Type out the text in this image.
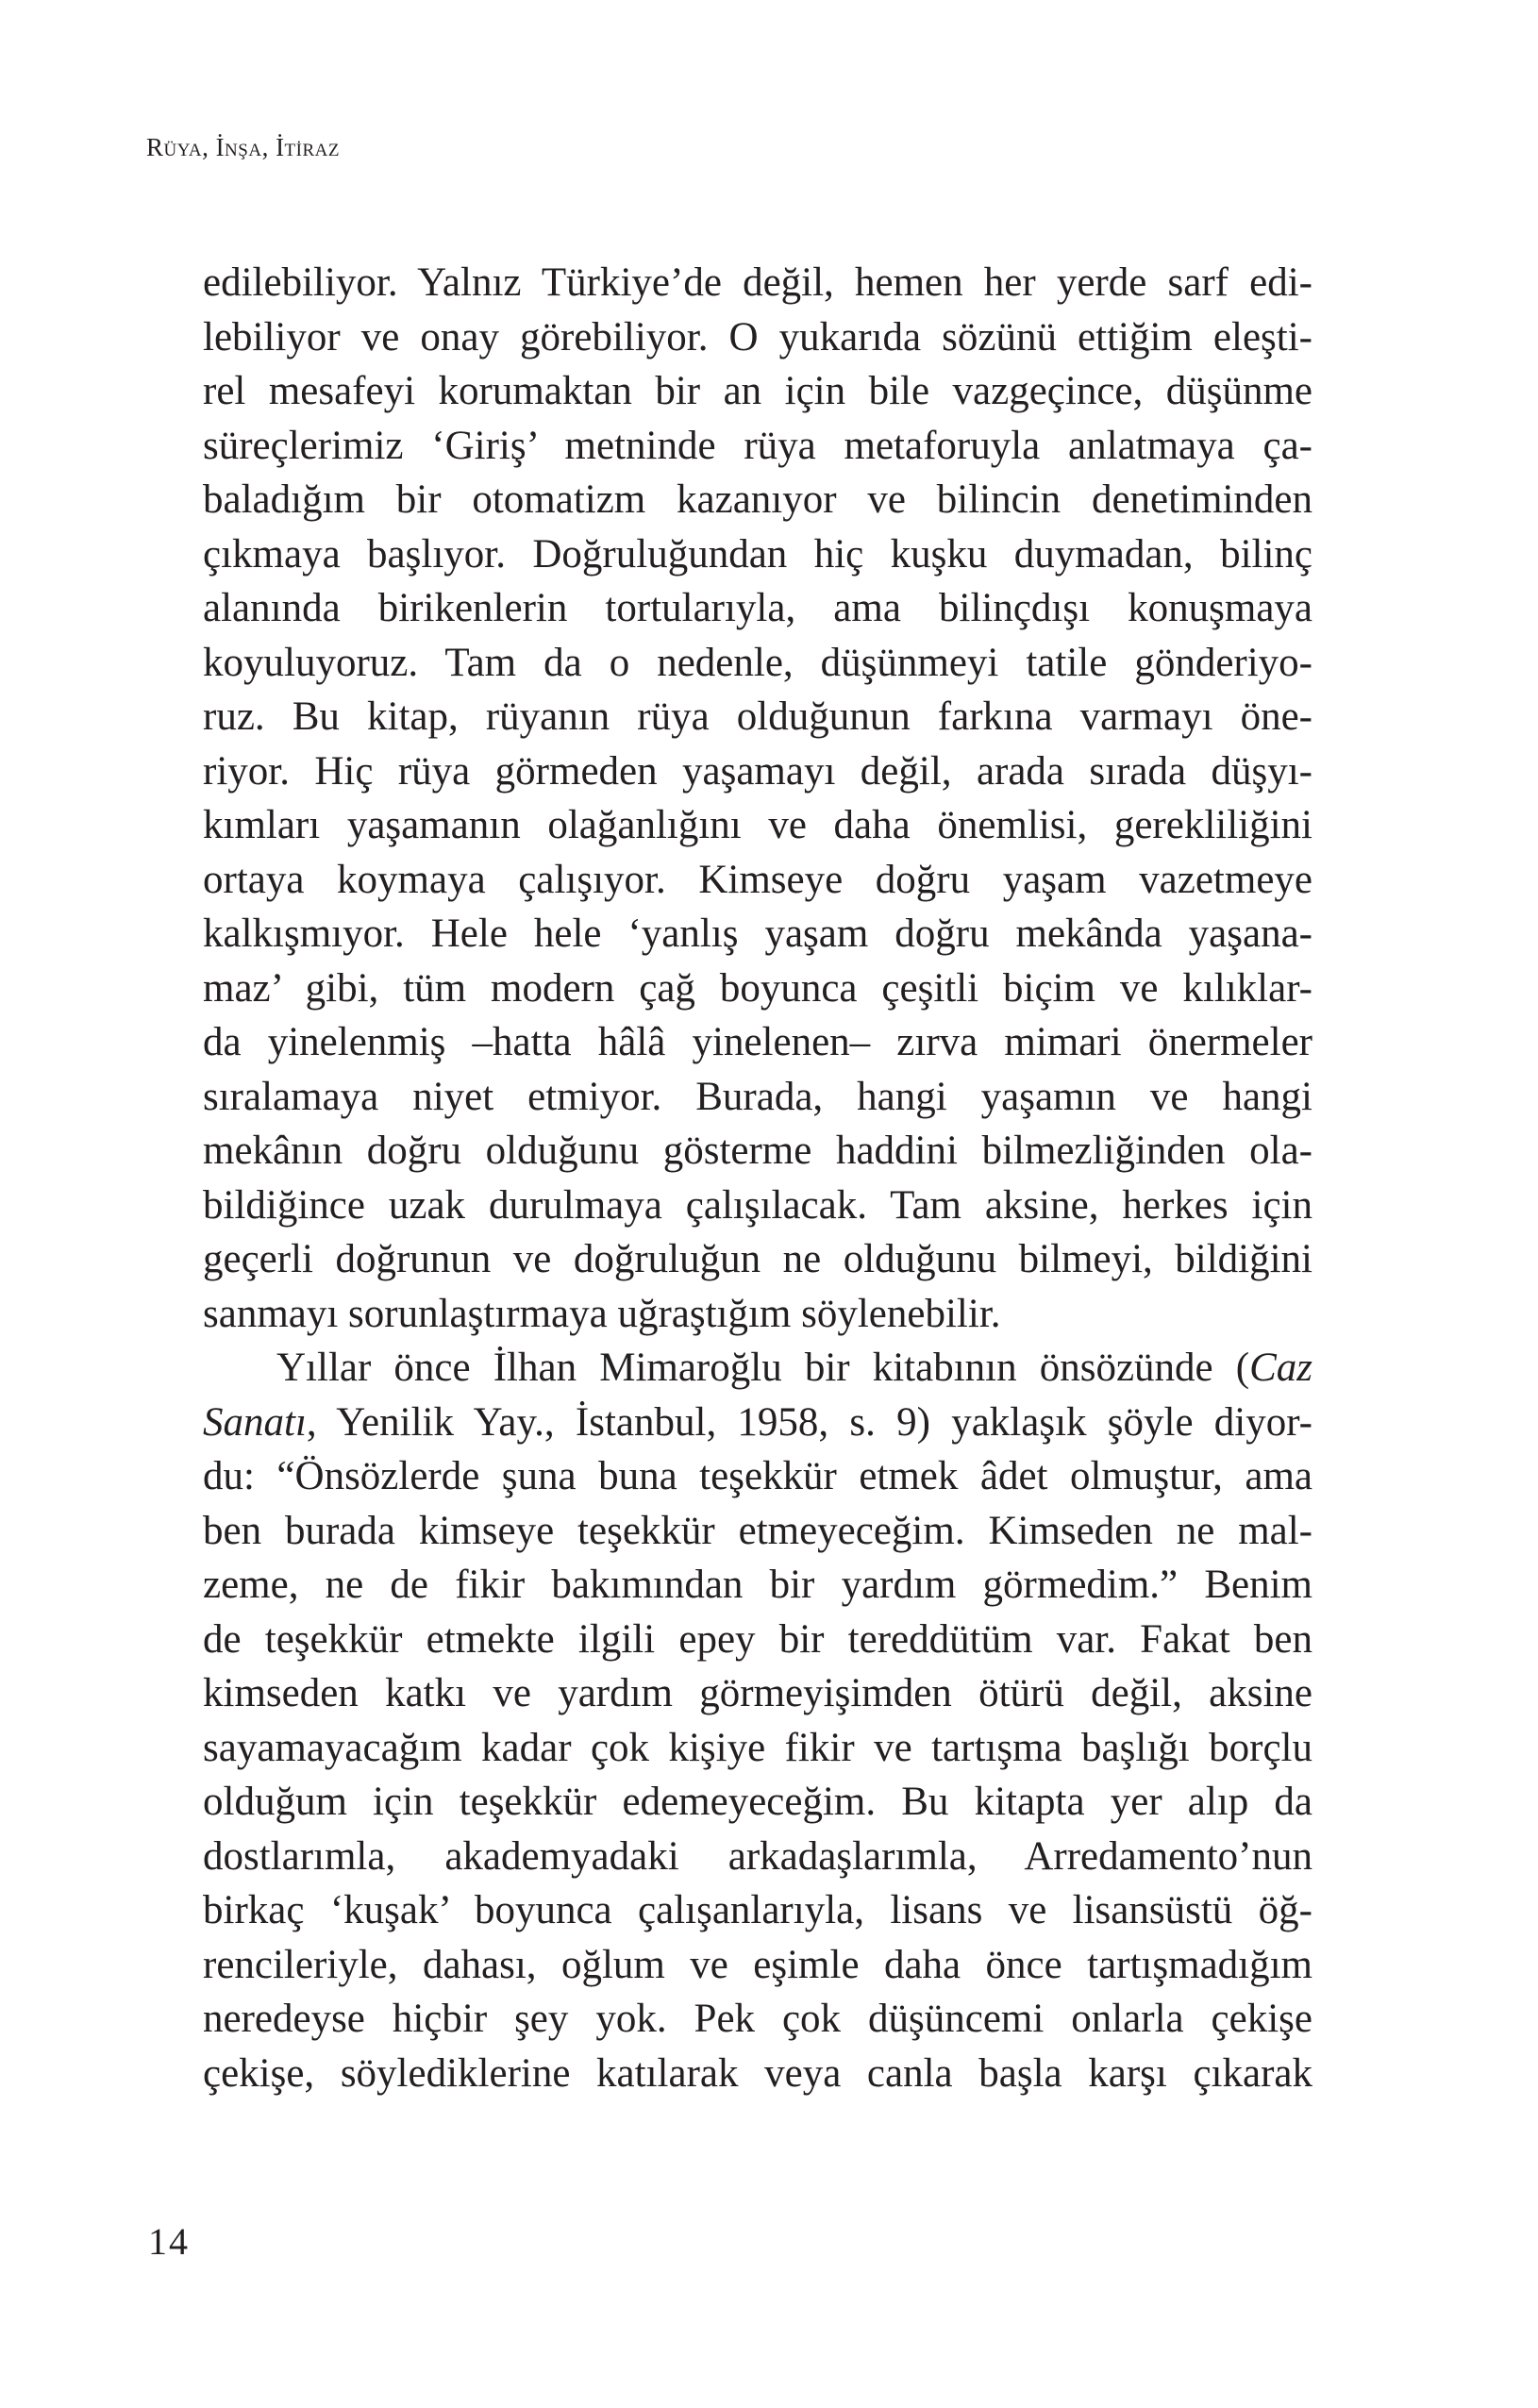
Rüya, İnşa, İtiraz
edilebiliyor. Yalnız Türkiye’de değil, hemen her yerde sarf edi-
lebiliyor ve onay görebiliyor. O yukarıda sözünü ettiğim eleşti-
rel mesafeyi korumaktan bir an için bile vazgeçince, düşünme
süreçlerimiz ‘Giriş’ metninde rüya metaforuyla anlatmaya ça-
baladığım bir otomatizm kazanıyor ve bilincin denetiminden
çıkmaya başlıyor. Doğruluğundan hiç kuşku duymadan, bilinç
alanında birikenlerin tortularıyla, ama bilinçdışı konuşmaya
koyuluyoruz. Tam da o nedenle, düşünmeyi tatile gönderiyo-
ruz. Bu kitap, rüyanın rüya olduğunun farkına varmayı öne-
riyor. Hiç rüya görmeden yaşamayı değil, arada sırada düşyı-
kımları yaşamanın olağanlığını ve daha önemlisi, gerekliliğini
ortaya koymaya çalışıyor. Kimseye doğru yaşam vazetmeye
kalkışmıyor. Hele hele ‘yanlış yaşam doğru mekânda yaşana-
maz’ gibi, tüm modern çağ boyunca çeşitli biçim ve kılıklar-
da yinelenmiş –hatta hâlâ yinelenen– zırva mimari önermeler
sıralamaya niyet etmiyor. Burada, hangi yaşamın ve hangi
mekânın doğru olduğunu gösterme haddini bilmezliğinden ola-
bildiğince uzak durulmaya çalışılacak. Tam aksine, herkes için
geçerli doğrunun ve doğruluğun ne olduğunu bilmeyi, bildiğini
sanmayı sorunlaştırmaya uğraştığım söylenebilir.
Yıllar önce İlhan Mimaroğlu bir kitabının önsözünde (Caz
Sanatı, Yenilik Yay., İstanbul, 1958, s. 9) yaklaşık şöyle diyor-
du: “Önsözlerde şuna buna teşekkür etmek âdet olmuştur, ama
ben burada kimseye teşekkür etmeyeceğim. Kimseden ne mal-
zeme, ne de fikir bakımından bir yardım görmedim.” Benim
de teşekkür etmekte ilgili epey bir tereddütüm var. Fakat ben
kimseden katkı ve yardım görmeyişimden ötürü değil, aksine
sayamayacağım kadar çok kişiye fikir ve tartışma başlığı borçlu
olduğum için teşekkür edemeyeceğim. Bu kitapta yer alıp da
dostlarımla, akademyadaki arkadaşlarımla, Arredamento’nun
birkaç ‘kuşak’ boyunca çalışanlarıyla, lisans ve lisansüstü öğ-
rencileriyle, dahası, oğlum ve eşimle daha önce tartışmadığım
neredeyse hiçbir şey yok. Pek çok düşüncemi onlarla çekişe
çekişe, söylediklerine katılarak veya canla başla karşı çıkarak
14
